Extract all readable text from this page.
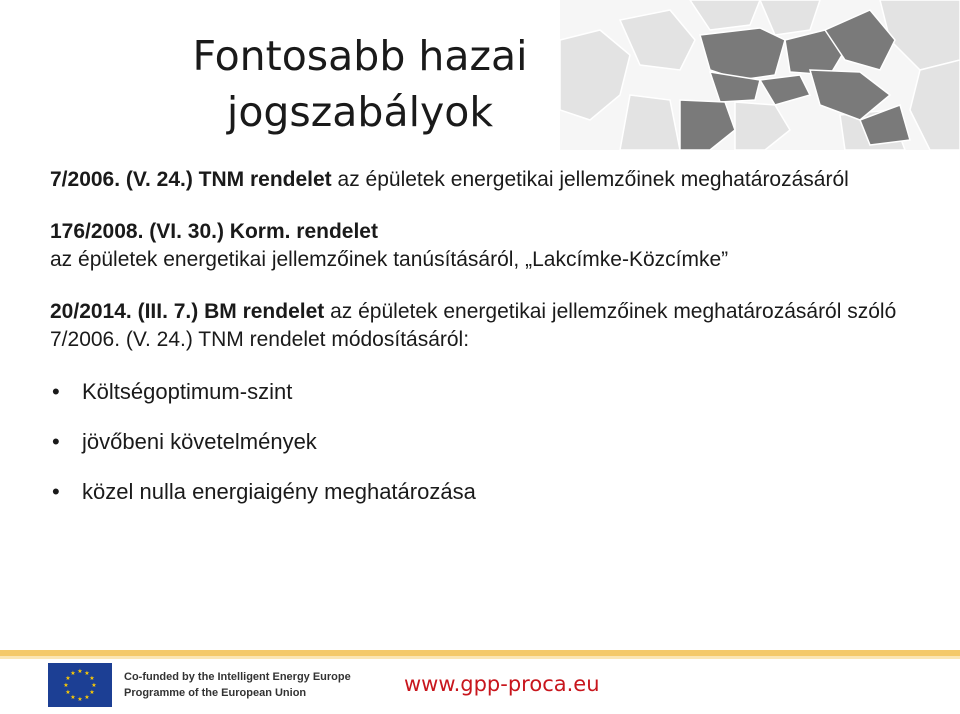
Fontosabb hazai
jogszabályok

7/2006. (V. 24.) TNM rendelet az épületek energetikai jellemzőinek meghatározásáról

176/2008. (VI. 30.) Korm. rendelet
az épületek energetikai jellemzőinek tanúsításáról, „Lakcímke-Közcímke”

20/2014. (III. 7.) BM rendelet az épületek energetikai jellemzőinek meghatározásáról szóló 7/2006. (V. 24.) TNM rendelet módosításáról:

• Költségoptimum-szint
• jövőbeni követelmények
• közel nulla energiaigény meghatározása
★ ★
★
★
★
★
★
★
★
★
★
★	Co-funded by the Intelligent Energy Europe
Programme of the European Union	www.gpp-proca.eu
